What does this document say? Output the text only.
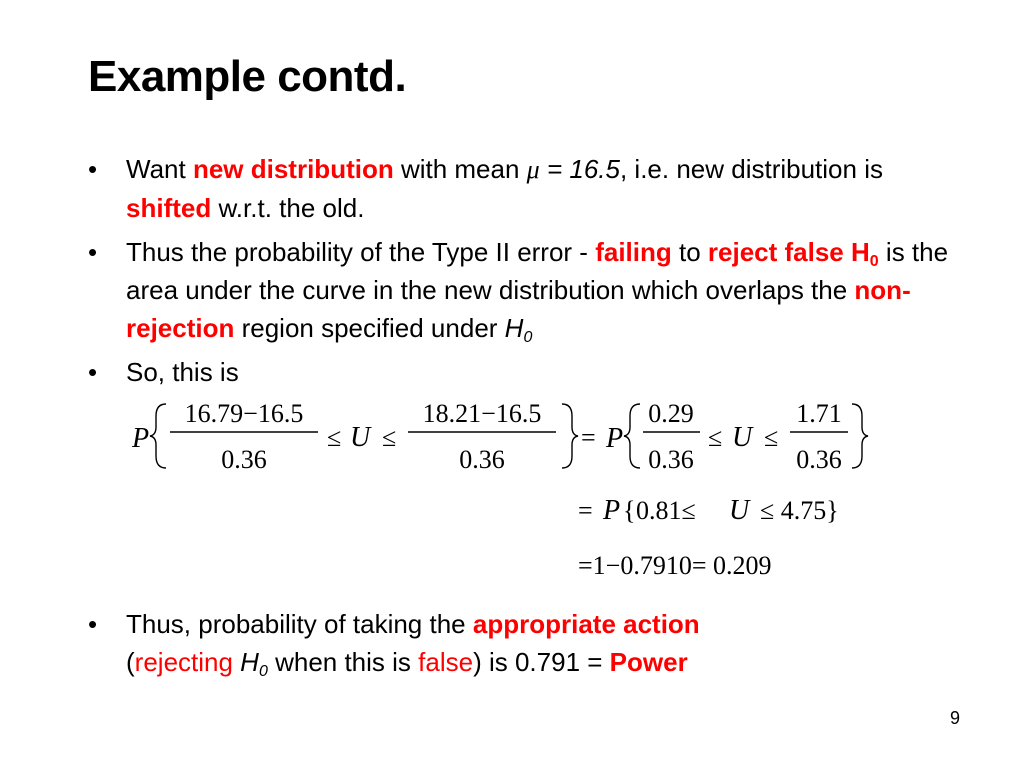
Example contd.
• Want new distribution with mean μ = 16.5, i.e. new distribution is shifted w.r.t. the old.
• Thus the probability of the Type II error - failing to reject false $H_0$ is the area under the curve in the new distribution which overlaps the non-rejection region specified under $H_0$
• So, this is
P
16.79−16.5
0.36
≤ U ≤
18.21−16.5
0.36
= P
0.29
0.36
≤ U ≤
1.71
0.36
= P { 0.81≤ U ≤ 4.75}
=1−0.7910= 0.209
• Thus, probability of taking the appropriate action
(rejecting $H_0$ when this is false) is 0.791 = Power
9
